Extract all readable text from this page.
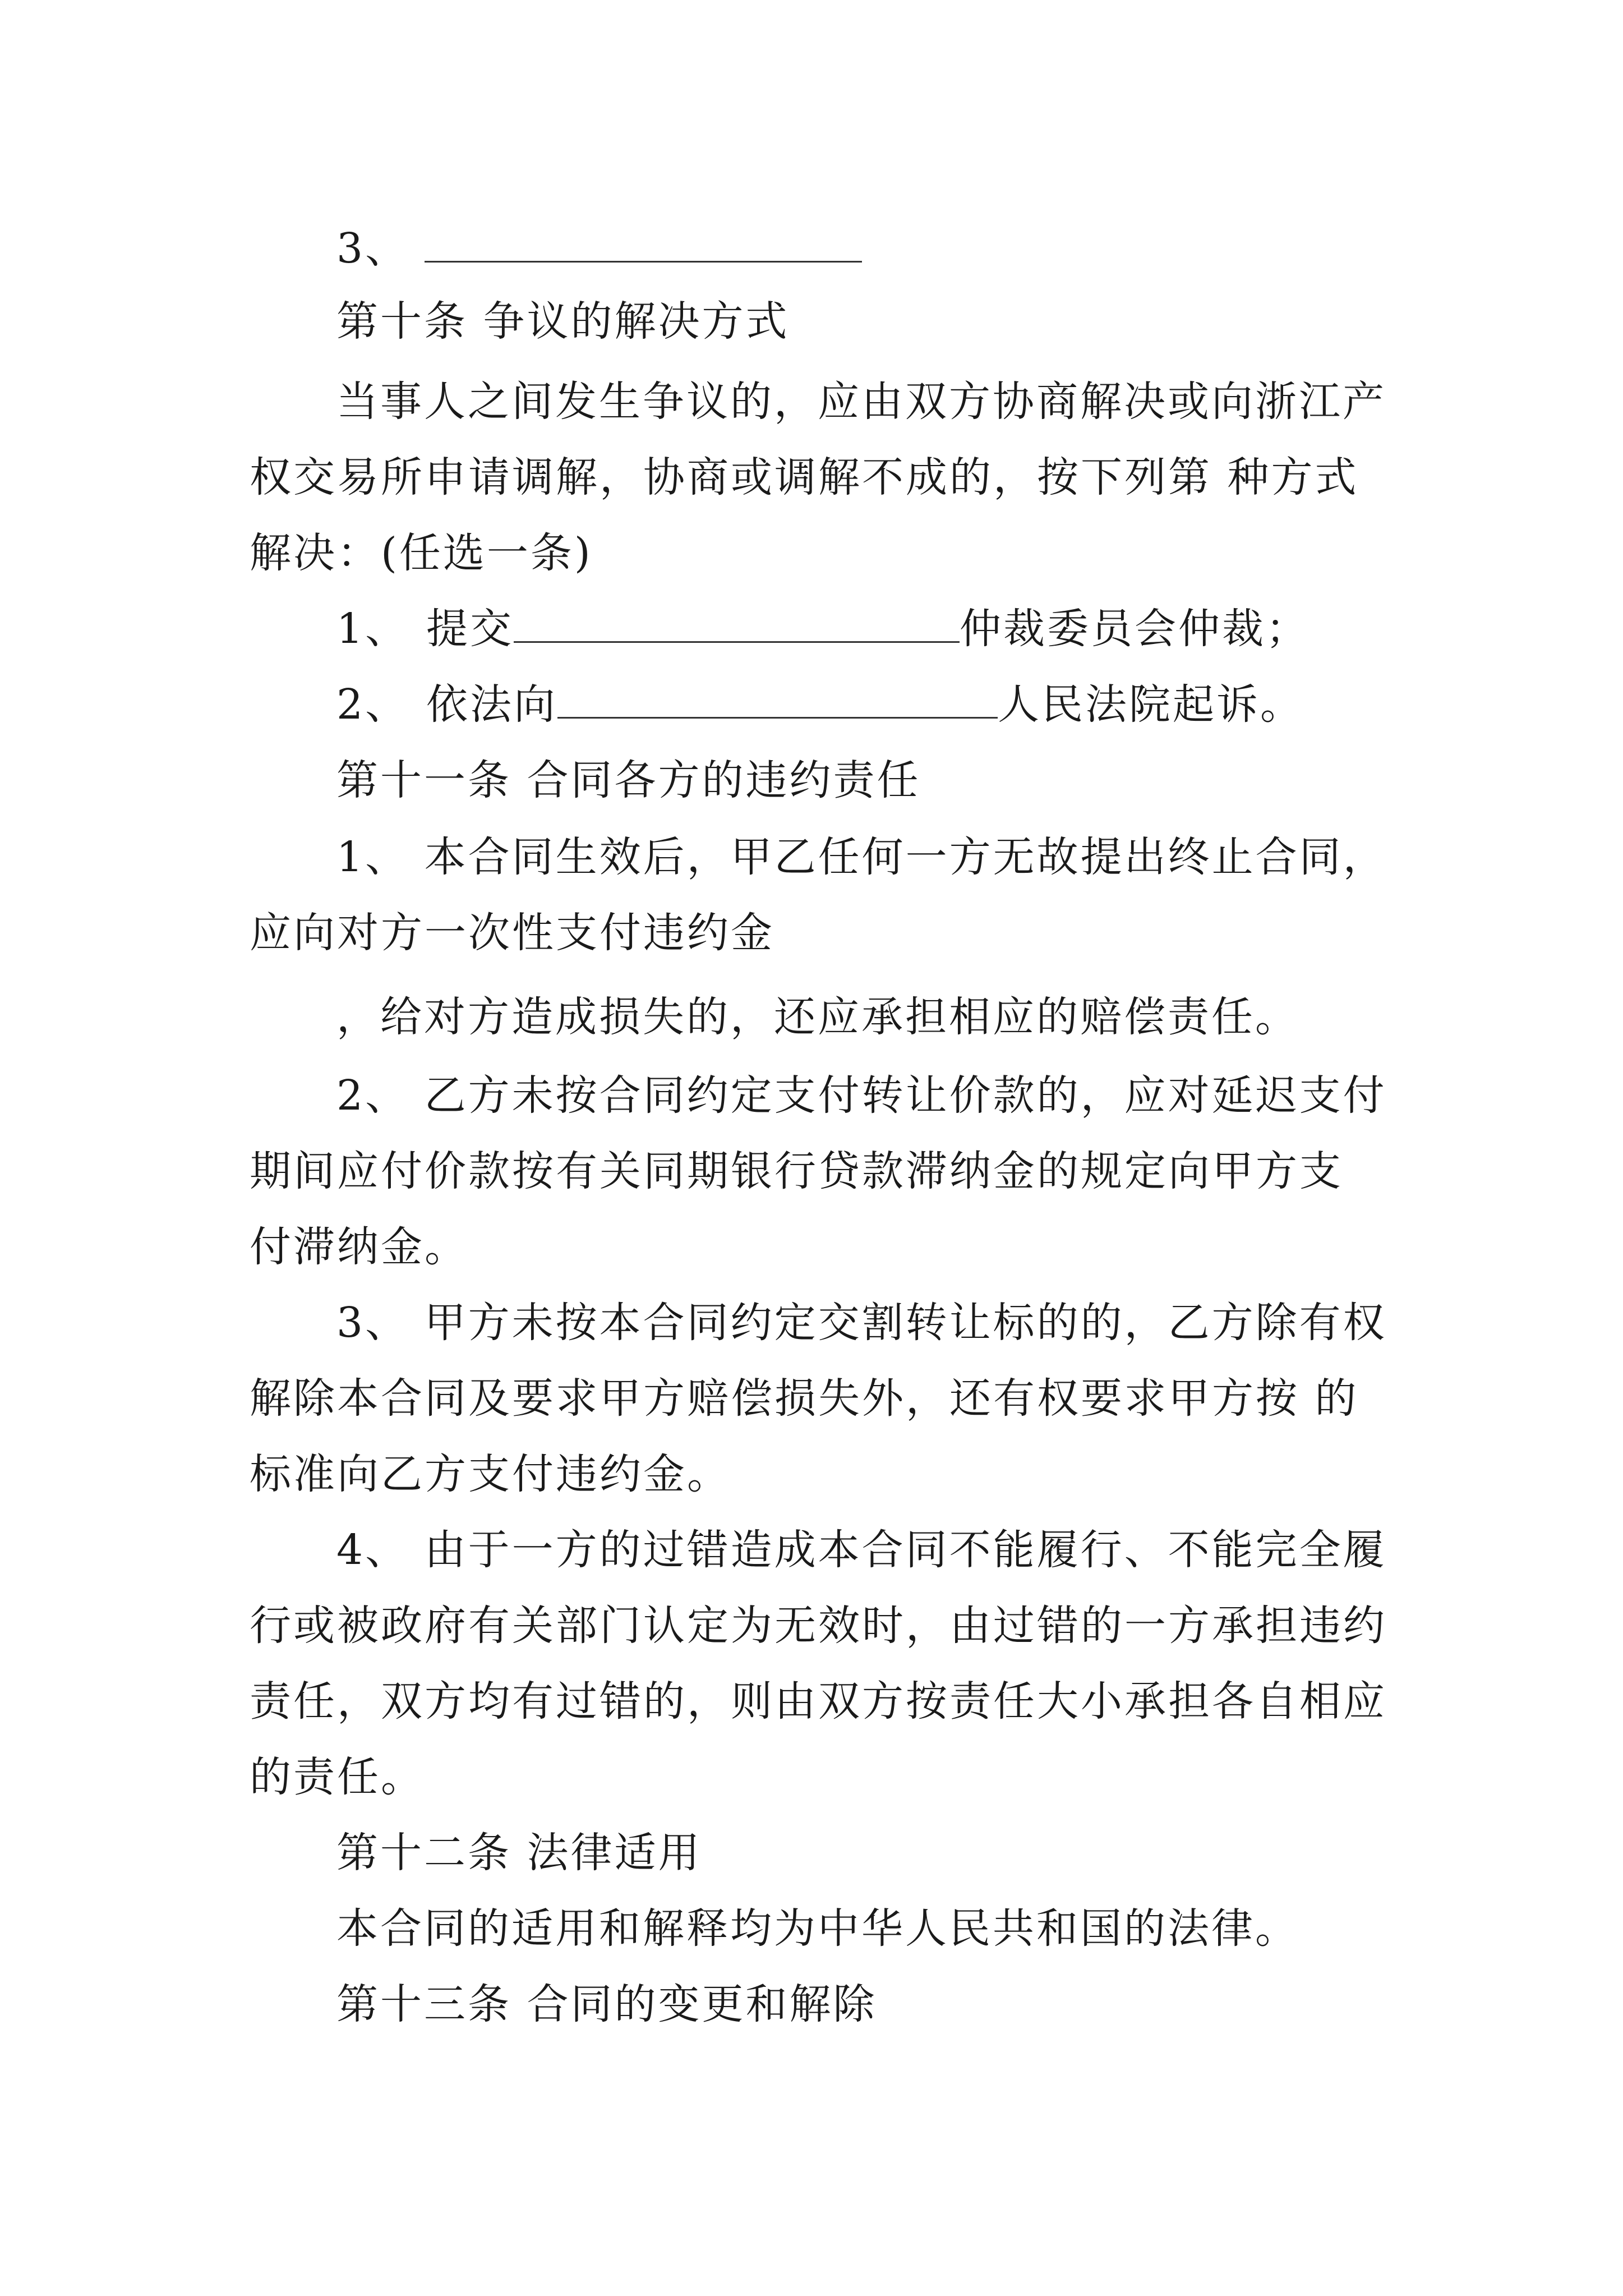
3、
第十条 争议的解决方式
当事人之间发生争议的，应由双方协商解决或向浙江产
权交易所申请调解，协商或调解不成的，按下列第 种方式
解决：(任选一条)
1、 提交	仲裁委员会仲裁；
2、 依法向	人民法院起诉。
第十一条 合同各方的违约责任
1、 本合同生效后，甲乙任何一方无故提出终止合同，
应向对方一次性支付违约金
，给对方造成损失的，还应承担相应的赔偿责任。
2、 乙方未按合同约定支付转让价款的，应对延迟支付
期间应付价款按有关同期银行贷款滞纳金的规定向甲方支
付滞纳金。
3、 甲方未按本合同约定交割转让标的的，乙方除有权
解除本合同及要求甲方赔偿损失外，还有权要求甲方按 的
标准向乙方支付违约金。
4、 由于一方的过错造成本合同不能履行、不能完全履
行或被政府有关部门认定为无效时，由过错的一方承担违约
责任，双方均有过错的，则由双方按责任大小承担各自相应
的责任。
第十二条 法律适用
本合同的适用和解释均为中华人民共和国的法律。
第十三条 合同的变更和解除
